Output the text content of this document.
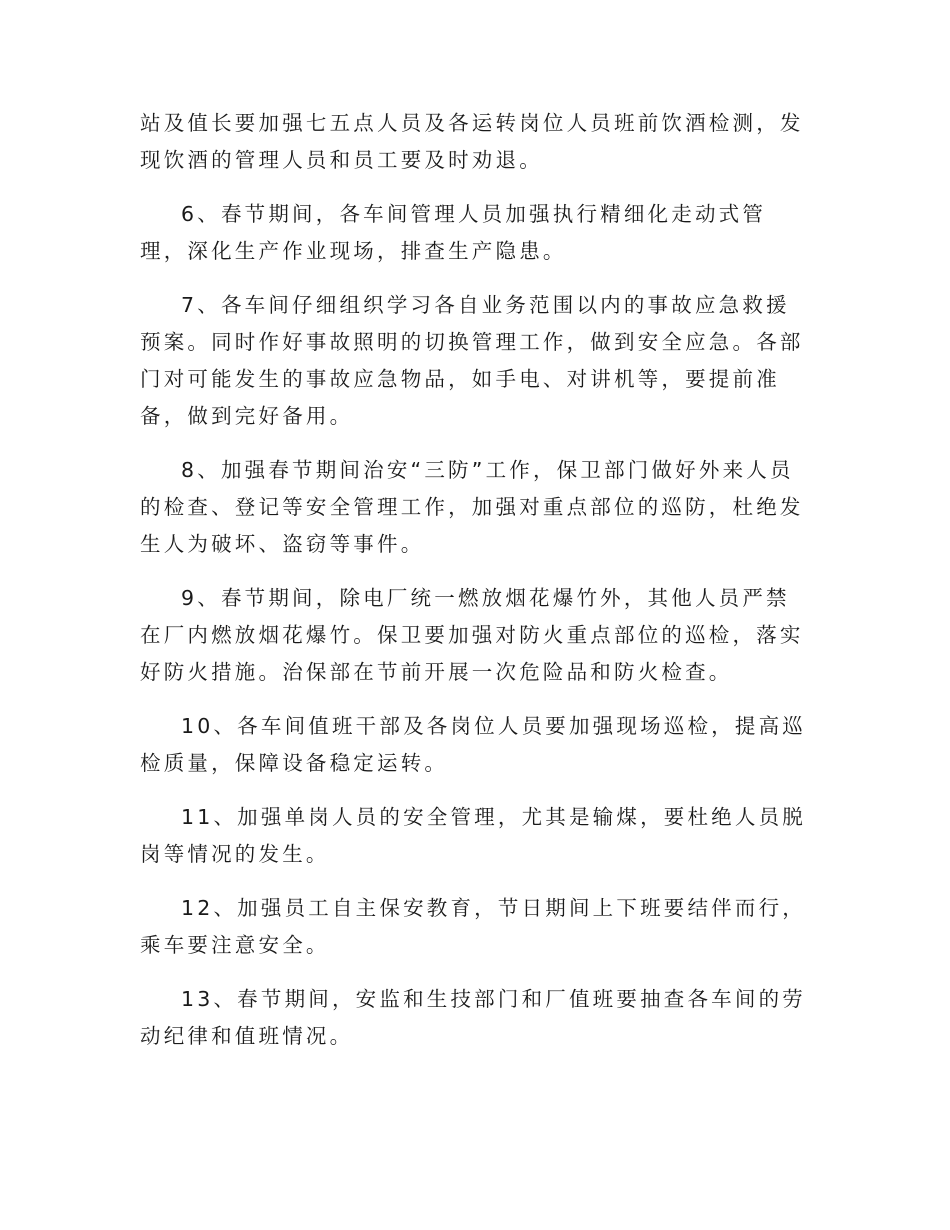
站及值长要加强七五点人员及各运转岗位人员班前饮酒检测，发现饮酒的管理人员和员工要及时劝退。

6、春节期间，各车间管理人员加强执行精细化走动式管理，深化生产作业现场，排查生产隐患。

7、各车间仔细组织学习各自业务范围以内的事故应急救援预案。同时作好事故照明的切换管理工作，做到安全应急。各部门对可能发生的事故应急物品，如手电、对讲机等，要提前准备，做到完好备用。

8、加强春节期间治安“三防”工作，保卫部门做好外来人员的检查、登记等安全管理工作，加强对重点部位的巡防，杜绝发生人为破坏、盗窃等事件。

9、春节期间，除电厂统一燃放烟花爆竹外，其他人员严禁在厂内燃放烟花爆竹。保卫要加强对防火重点部位的巡检，落实好防火措施。治保部在节前开展一次危险品和防火检查。

10、各车间值班干部及各岗位人员要加强现场巡检，提高巡检质量，保障设备稳定运转。

11、加强单岗人员的安全管理，尤其是输煤，要杜绝人员脱岗等情况的发生。

12、加强员工自主保安教育，节日期间上下班要结伴而行，乘车要注意安全。

13、春节期间，安监和生技部门和厂值班要抽查各车间的劳动纪律和值班情况。
